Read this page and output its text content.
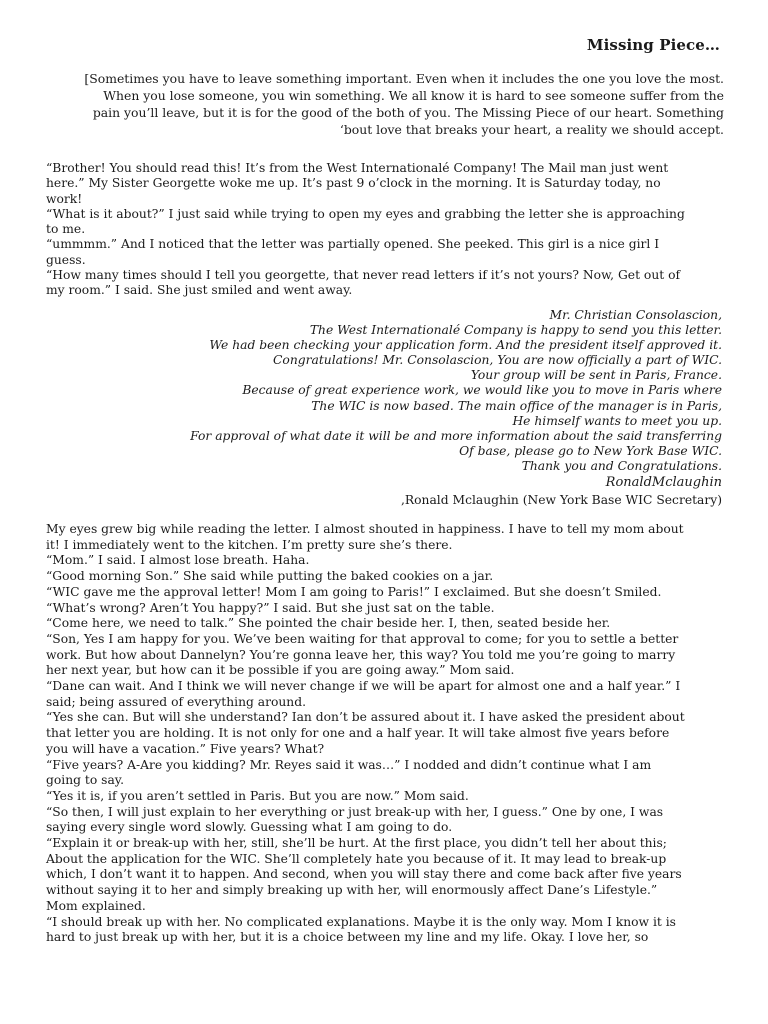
Missing Piece…
[Sometimes you have to leave something important. Even when it includes the one you love the most.
When you lose someone, you win something. We all know it is hard to see someone suffer from the
pain you’ll leave, but it is for the good of the both of you. The Missing Piece of our heart. Something
‘bout love that breaks your heart, a reality we should accept.
“Brother! You should read this! It’s from the West Internationalé Company! The Mail man just went
here.” My Sister Georgette woke me up. It’s past 9 o’clock in the morning. It is Saturday today, no
work!
“What is it about?” I just said while trying to open my eyes and grabbing the letter she is approaching
to me.
“ummmm.” And I noticed that the letter was partially opened. She peeked. This girl is a nice girl I
guess.
“How many times should I tell you georgette, that never read letters if it’s not yours? Now, Get out of
my room.” I said. She just smiled and went away.
Mr. Christian Consolascion,
The West Internationalé Company is happy to send you this letter.
We had been checking your application form. And the president itself approved it.
Congratulations! Mr. Consolascion, You are now officially a part of WIC.
Your group will be sent in Paris, France.
Because of great experience work, we would like you to move in Paris where
The WIC is now based. The main office of the manager is in Paris,
He himself wants to meet you up.
For approval of what date it will be and more information about the said transferring
Of base, please go to New York Base WIC.
Thank you and Congratulations.
RonaldMclaughin
,Ronald Mclaughin (New York Base WIC Secretary)
My eyes grew big while reading the letter. I almost shouted in happiness. I have to tell my mom about
it! I immediately went to the kitchen. I’m pretty sure she’s there.
“Mom.” I said. I almost lose breath. Haha.
“Good morning Son.” She said while putting the baked cookies on a jar.
“WIC gave me the approval letter! Mom I am going to Paris!” I exclaimed. But she doesn’t Smiled.
“What’s wrong? Aren’t You happy?” I said. But she just sat on the table.
“Come here, we need to talk.” She pointed the chair beside her. I, then, seated beside her.
“Son, Yes I am happy for you. We’ve been waiting for that approval to come; for you to settle a better
work. But how about Dannelyn? You’re gonna leave her, this way? You told me you’re going to marry
her next year, but how can it be possible if you are going away.” Mom said.
“Dane can wait. And I think we will never change if we will be apart for almost one and a half year.” I
said; being assured of everything around.
“Yes she can. But will she understand? Ian don’t be assured about it. I have asked the president about
that letter you are holding. It is not only for one and a half year. It will take almost five years before
you will have a vacation.” Five years? What?
“Five years? A-Are you kidding? Mr. Reyes said it was…” I nodded and didn’t continue what I am
going to say.
“Yes it is, if you aren’t settled in Paris. But you are now.” Mom said.
“So then, I will just explain to her everything or just break-up with her, I guess.” One by one, I was
saying every single word slowly. Guessing what I am going to do.
“Explain it or break-up with her, still, she’ll be hurt. At the first place, you didn’t tell her about this;
About the application for the WIC. She’ll completely hate you because of it. It may lead to break-up
which, I don’t want it to happen. And second, when you will stay there and come back after five years
without saying it to her and simply breaking up with her, will enormously affect Dane’s Lifestyle.”
Mom explained.
“I should break up with her. No complicated explanations. Maybe it is the only way. Mom I know it is
hard to just break up with her, but it is a choice between my line and my life. Okay. I love her, so
